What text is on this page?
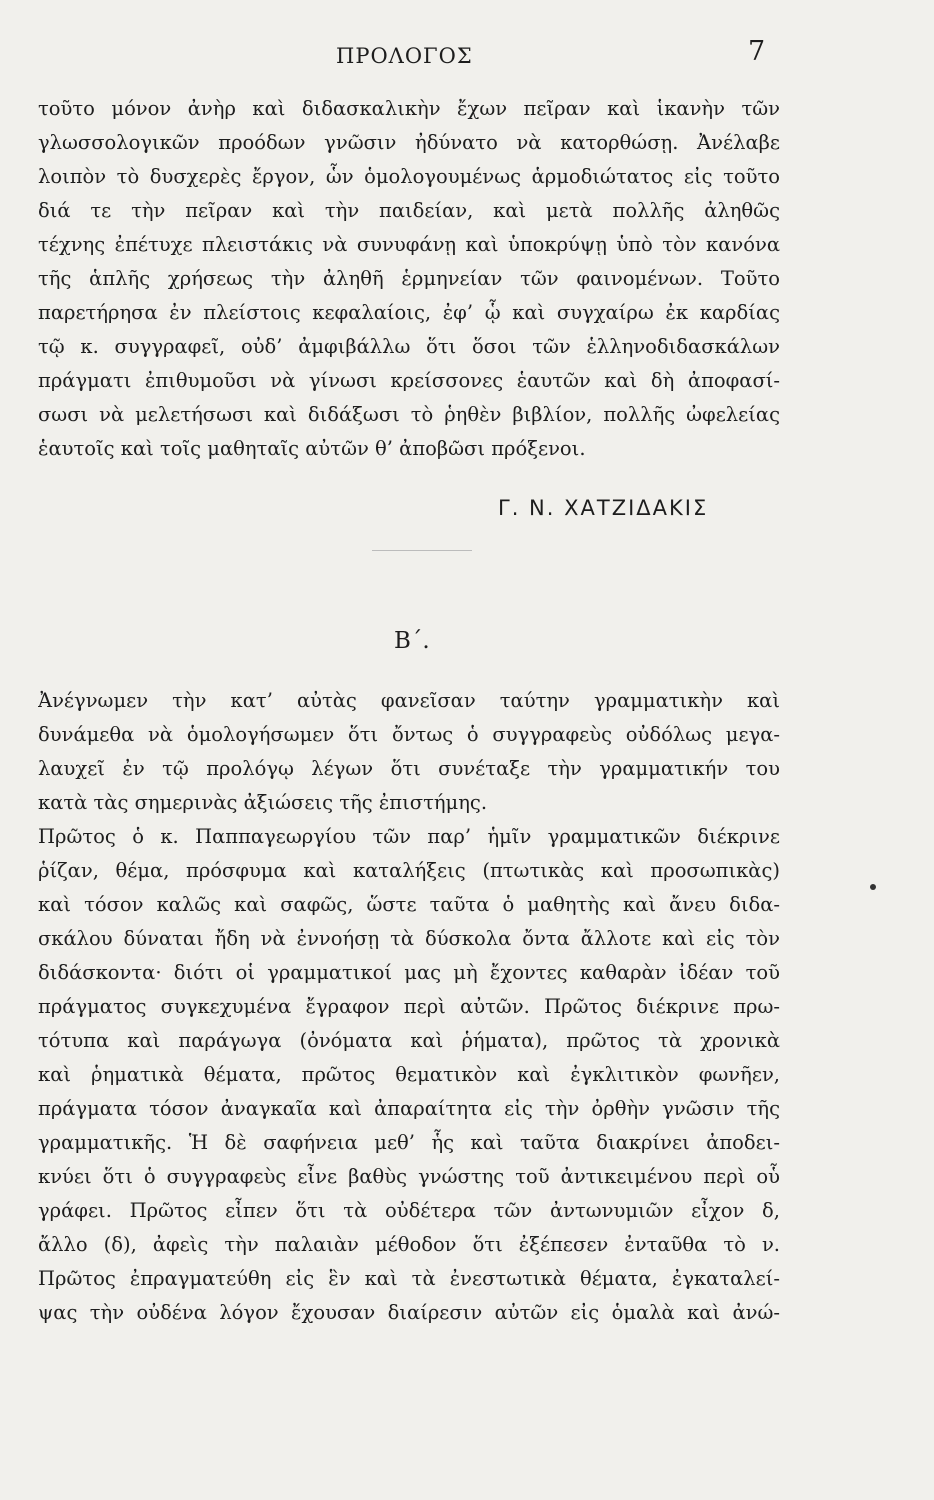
ΠΡΟΛΟΓΟΣ	7
τοῦτο μόνον ἀνὴρ καὶ διδασκαλικὴν ἔχων πεῖραν καὶ ἱκανὴν τῶν
γλωσσολογικῶν προόδων γνῶσιν ἠδύνατο νὰ κατορθώσῃ. Ἀνέλαβε
λοιπὸν τὸ δυσχερὲς ἔργον, ὧν ὁμολογουμένως ἁρμοδιώτατος εἰς τοῦτο
διά τε τὴν πεῖραν καὶ τὴν παιδείαν, καὶ μετὰ πολλῆς ἀληθῶς
τέχνης ἐπέτυχε πλειστάκις νὰ συνυφάνῃ καὶ ὑποκρύψῃ ὑπὸ τὸν κανόνα
τῆς ἁπλῆς χρήσεως τὴν ἀληθῆ ἑρμηνείαν τῶν φαινομένων. Τοῦτο
παρετήρησα ἐν πλείστοις κεφαλαίοις, ἐφ’ ᾧ καὶ συγχαίρω ἐκ καρδίας
τῷ κ. συγγραφεῖ, οὐδ’ ἀμφιβάλλω ὅτι ὅσοι τῶν ἑλληνοδιδασκάλων
πράγματι ἐπιθυμοῦσι νὰ γίνωσι κρείσσονες ἑαυτῶν καὶ δὴ ἀποφασί-
σωσι νὰ μελετήσωσι καὶ διδάξωσι τὸ ῥηθὲν βιβλίον, πολλῆς ὠφελείας
ἑαυτοῖς καὶ τοῖς μαθηταῖς αὐτῶν θ’ ἀποβῶσι πρόξενοι.
Γ. Ν. ΧΑΤΖΙΔΑΚΙΣ
Β΄.
Ἀνέγνωμεν τὴν κατ’ αὐτὰς φανεῖσαν ταύτην γραμματικὴν καὶ
δυνάμεθα νὰ ὁμολογήσωμεν ὅτι ὄντως ὁ συγγραφεὺς οὐδόλως μεγα-
λαυχεῖ ἐν τῷ προλόγῳ λέγων ὅτι συνέταξε τὴν γραμματικήν του
κατὰ τὰς σημερινὰς ἀξιώσεις τῆς ἐπιστήμης.
Πρῶτος ὁ κ. Παππαγεωργίου τῶν παρ’ ἡμῖν γραμματικῶν διέκρινε
ῥίζαν, θέμα, πρόσφυμα καὶ καταλήξεις (πτωτικὰς καὶ προσωπικὰς)
καὶ τόσον καλῶς καὶ σαφῶς, ὥστε ταῦτα ὁ μαθητὴς καὶ ἄνευ διδα-
σκάλου δύναται ἤδη νὰ ἐννοήσῃ τὰ δύσκολα ὄντα ἄλλοτε καὶ εἰς τὸν
διδάσκοντα· διότι οἱ γραμματικοί μας μὴ ἔχοντες καθαρὰν ἰδέαν τοῦ
πράγματος συγκεχυμένα ἔγραφον περὶ αὐτῶν. Πρῶτος διέκρινε πρω-
τότυπα καὶ παράγωγα (ὀνόματα καὶ ῥήματα), πρῶτος τὰ χρονικὰ
καὶ ῥηματικὰ θέματα, πρῶτος θεματικὸν καὶ ἐγκλιτικὸν φωνῆεν,
πράγματα τόσον ἀναγκαῖα καὶ ἀπαραίτητα εἰς τὴν ὀρθὴν γνῶσιν τῆς
γραμματικῆς. Ἡ δὲ σαφήνεια μεθ’ ἧς καὶ ταῦτα διακρίνει ἀποδει-
κνύει ὅτι ὁ συγγραφεὺς εἶνε βαθὺς γνώστης τοῦ ἀντικειμένου περὶ οὗ
γράφει. Πρῶτος εἶπεν ὅτι τὰ οὐδέτερα τῶν ἀντωνυμιῶν εἶχον δ,
ἄλλο (δ), ἀφεὶς τὴν παλαιὰν μέθοδον ὅτι ἐξέπεσεν ἐνταῦθα τὸ ν.
Πρῶτος ἐπραγματεύθη εἰς ἓν καὶ τὰ ἐνεστωτικὰ θέματα, ἐγκαταλεί-
ψας τὴν οὐδένα λόγον ἔχουσαν διαίρεσιν αὐτῶν εἰς ὁμαλὰ καὶ ἀνώ-
